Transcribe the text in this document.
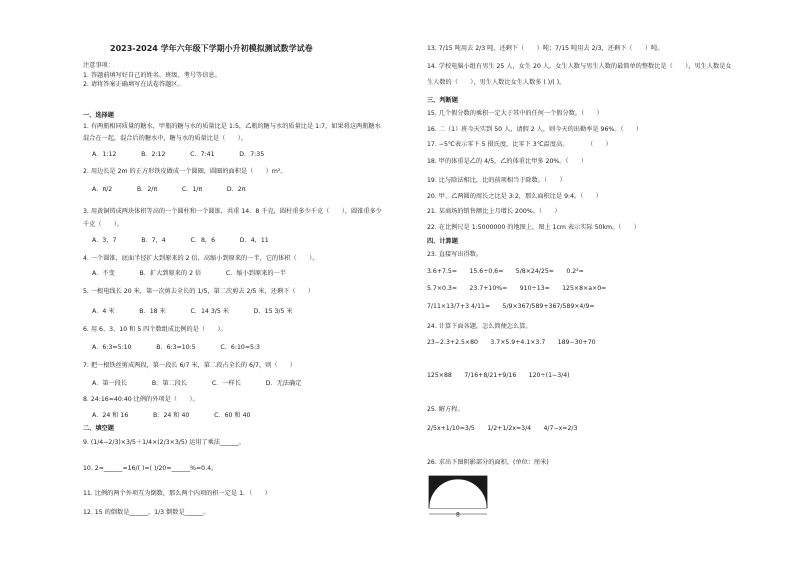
2023-2024 学年六年级下学期小升初模拟测试数学试卷
注意事项：
1. 答题前填写好自己的姓名、班级、考号等信息。
2. 请将答案正确填写在试卷答题区。
一、选择题
1. 有两瓶相同质量的糖水，甲瓶的糖与水的质量比是 1:5，乙瓶的糖与水的质量比是 1:7，如果将这两瓶糖水
混合在一起，混合后的糖水中，糖与水的质量比是（　　）。
A．1:12　　　　B．2:12　　　　C．7:41　　　　D．7:35
2. 用边长是 2m 的正方形铁皮做成一个圆圈，圆圈的面积是（　　）m²。
A．π/2　　　　B．2/π　　　　C．1/π　　　　D．2π
3. 用黄铜铸成两块体积等高的一个圆柱和一个圆锥，共重 14．8 千克，圆柱重多少千克（　　），圆锥重多少
千克（　　）。
A．3，7　　　　B．7，4　　　　C．8，6　　　　D．4，11
4. 一个圆锥，底面半径扩大到原来的 2 倍，高缩小到原来的一半，它的体积（　　）。
A．不变　　　　B．扩大到原来的 2 倍　　　　C．缩小到原来的一半
5. 一根电线长 20 米，第一次剪去全长的 1/5，第二次剪去 2/5 米，还剩下（　　）
A．4 米　　　　B．18 米　　　　C．14 3/5 米　　　　D．15 3/5 米
6. 用 6、3、10 和 5 四个数组成比例的是（　　）。
A．6:3=5:10　　　　B．6:3=10:5　　　　C．6:10=5:3
7. 把一根铁丝剪成两段，第一段长 6/7 米，第二段占全长的 6/7，则（　　）
A．第一段长　　　　B．第二段长　　　　C．一样长　　　　D．无法确定
8. 24:16=40:40 比例的外项是（　　）。
A．24 和 16　　　　B．24 和 40　　　　C．60 和 40
二、填空题
9. (1/4−2/3)×3/5＋1/4×(2/3×3/5) 运用了乘法______。
10. 2=______=16/( )=( )/20=______%=0.4。
11. 比例的两个外项互为倒数，那么两个内项的积一定是 1．（　　）
12. 15 的倒数是______，1/3 倒数是______。
13. 7/15 吨用去 2/3 吨，还剩下（　　）吨；7/15 吨用去 2/3，还剩下（　　）吨。
14. 学校电脑小组有男生 25 人，女生 20 人。女生人数与男生人数的最简单的整数比是（　　），男生人数是女
生人数的（　　），男生人数比女生人数多 ( )/( )。
三、判断题
15. 几个假分数的乘积一定大于其中的任何一个假分数。（　　）
16. 二（1）班今天实到 50 人，请假 2 人，则今天的出勤率是 96%。（　　）
17. −5℃表示零下 5 摄氏度，比零下 3℃温度高。　　　　（　　）
18. 甲的体重是乙的 4/5，乙的体重比甲多 20%。（　　）
19. 比与除法相比，比的前项相当于除数。（　　）
20. 甲、乙两圆的周长之比是 3:2，那么面积比是 9:4。（　　）
21. 某商场的销售额比上月增长 200%。（　　）
22. 在比例尺是 1:5000000 的地图上，图上 1cm 表示实际 50km。（　　）
四、计算题
23. 直接写出得数。
3.6+7.5=　　15.6÷0.6=　　5/8×24/25=　　0.2²=
5.7×0.3=　　23.7+10%=　　910÷13=　　125×8×a×0=
7/11×13/7+3 4/11=　　5/9×367/589+367/589×4/9=
24. 计算下面各题，怎么简便怎么算。
23−2.3+2.5×80　　3.7×5.9+4.1×3.7　　189−30+70
125×88　　7/16+8/21+9/16　　120÷(1−3/4)
25. 解方程。
2/5x+1/10=3/5　　1/2+1/2x=3/4　　4/7−x=2/3
26. 求出下图阴影部分的面积。(单位：厘米)
8
